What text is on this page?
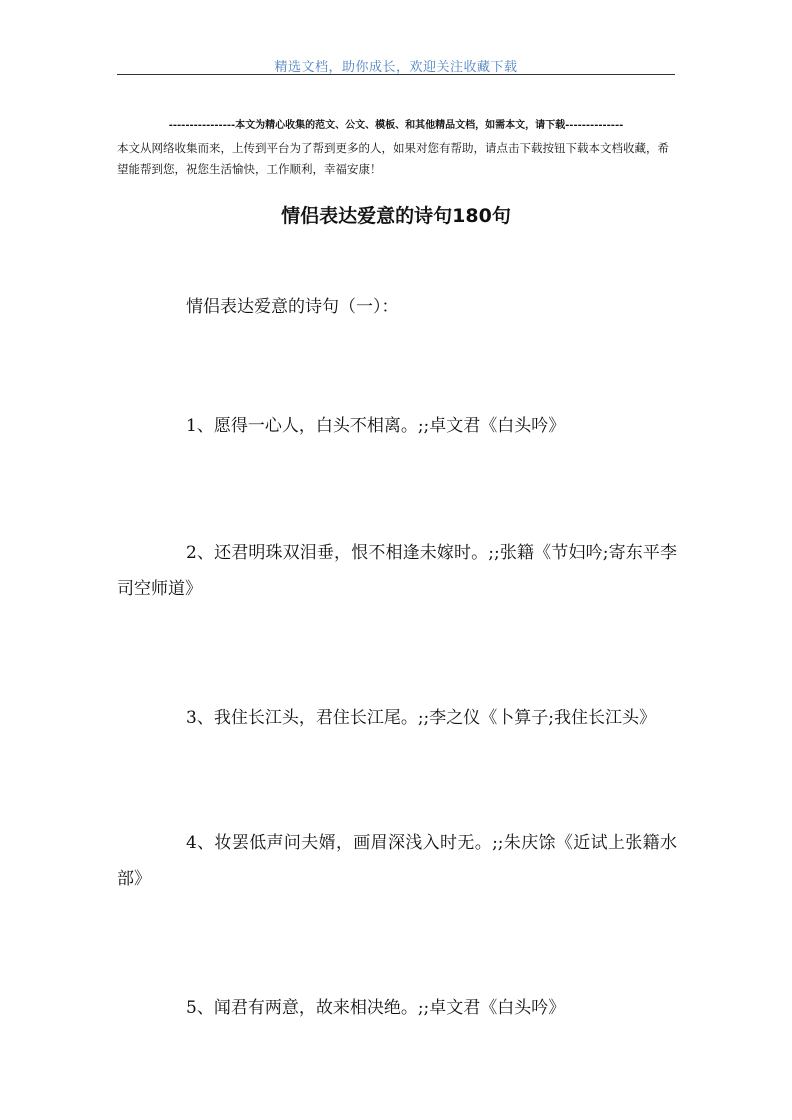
精选文档，助你成长，欢迎关注收藏下载
----------------本文为精心收集的范文、公文、模板、和其他精品文档，如需本文，请下载--------------
本文从网络收集而来，上传到平台为了帮到更多的人，如果对您有帮助，请点击下载按钮下载本文档收藏，希望能帮到您，祝您生活愉快，工作顺利，幸福安康！
情侣表达爱意的诗句180句
情侣表达爱意的诗句（一）：
1、愿得一心人，白头不相离。;;卓文君《白头吟》
2、还君明珠双泪垂，恨不相逢未嫁时。;;张籍《节妇吟;寄东平李司空师道》
3、我住长江头，君住长江尾。;;李之仪《卜算子;我住长江头》
4、妆罢低声问夫婿，画眉深浅入时无。;;朱庆馀《近试上张籍水部》
5、闻君有两意，故来相决绝。;;卓文君《白头吟》
